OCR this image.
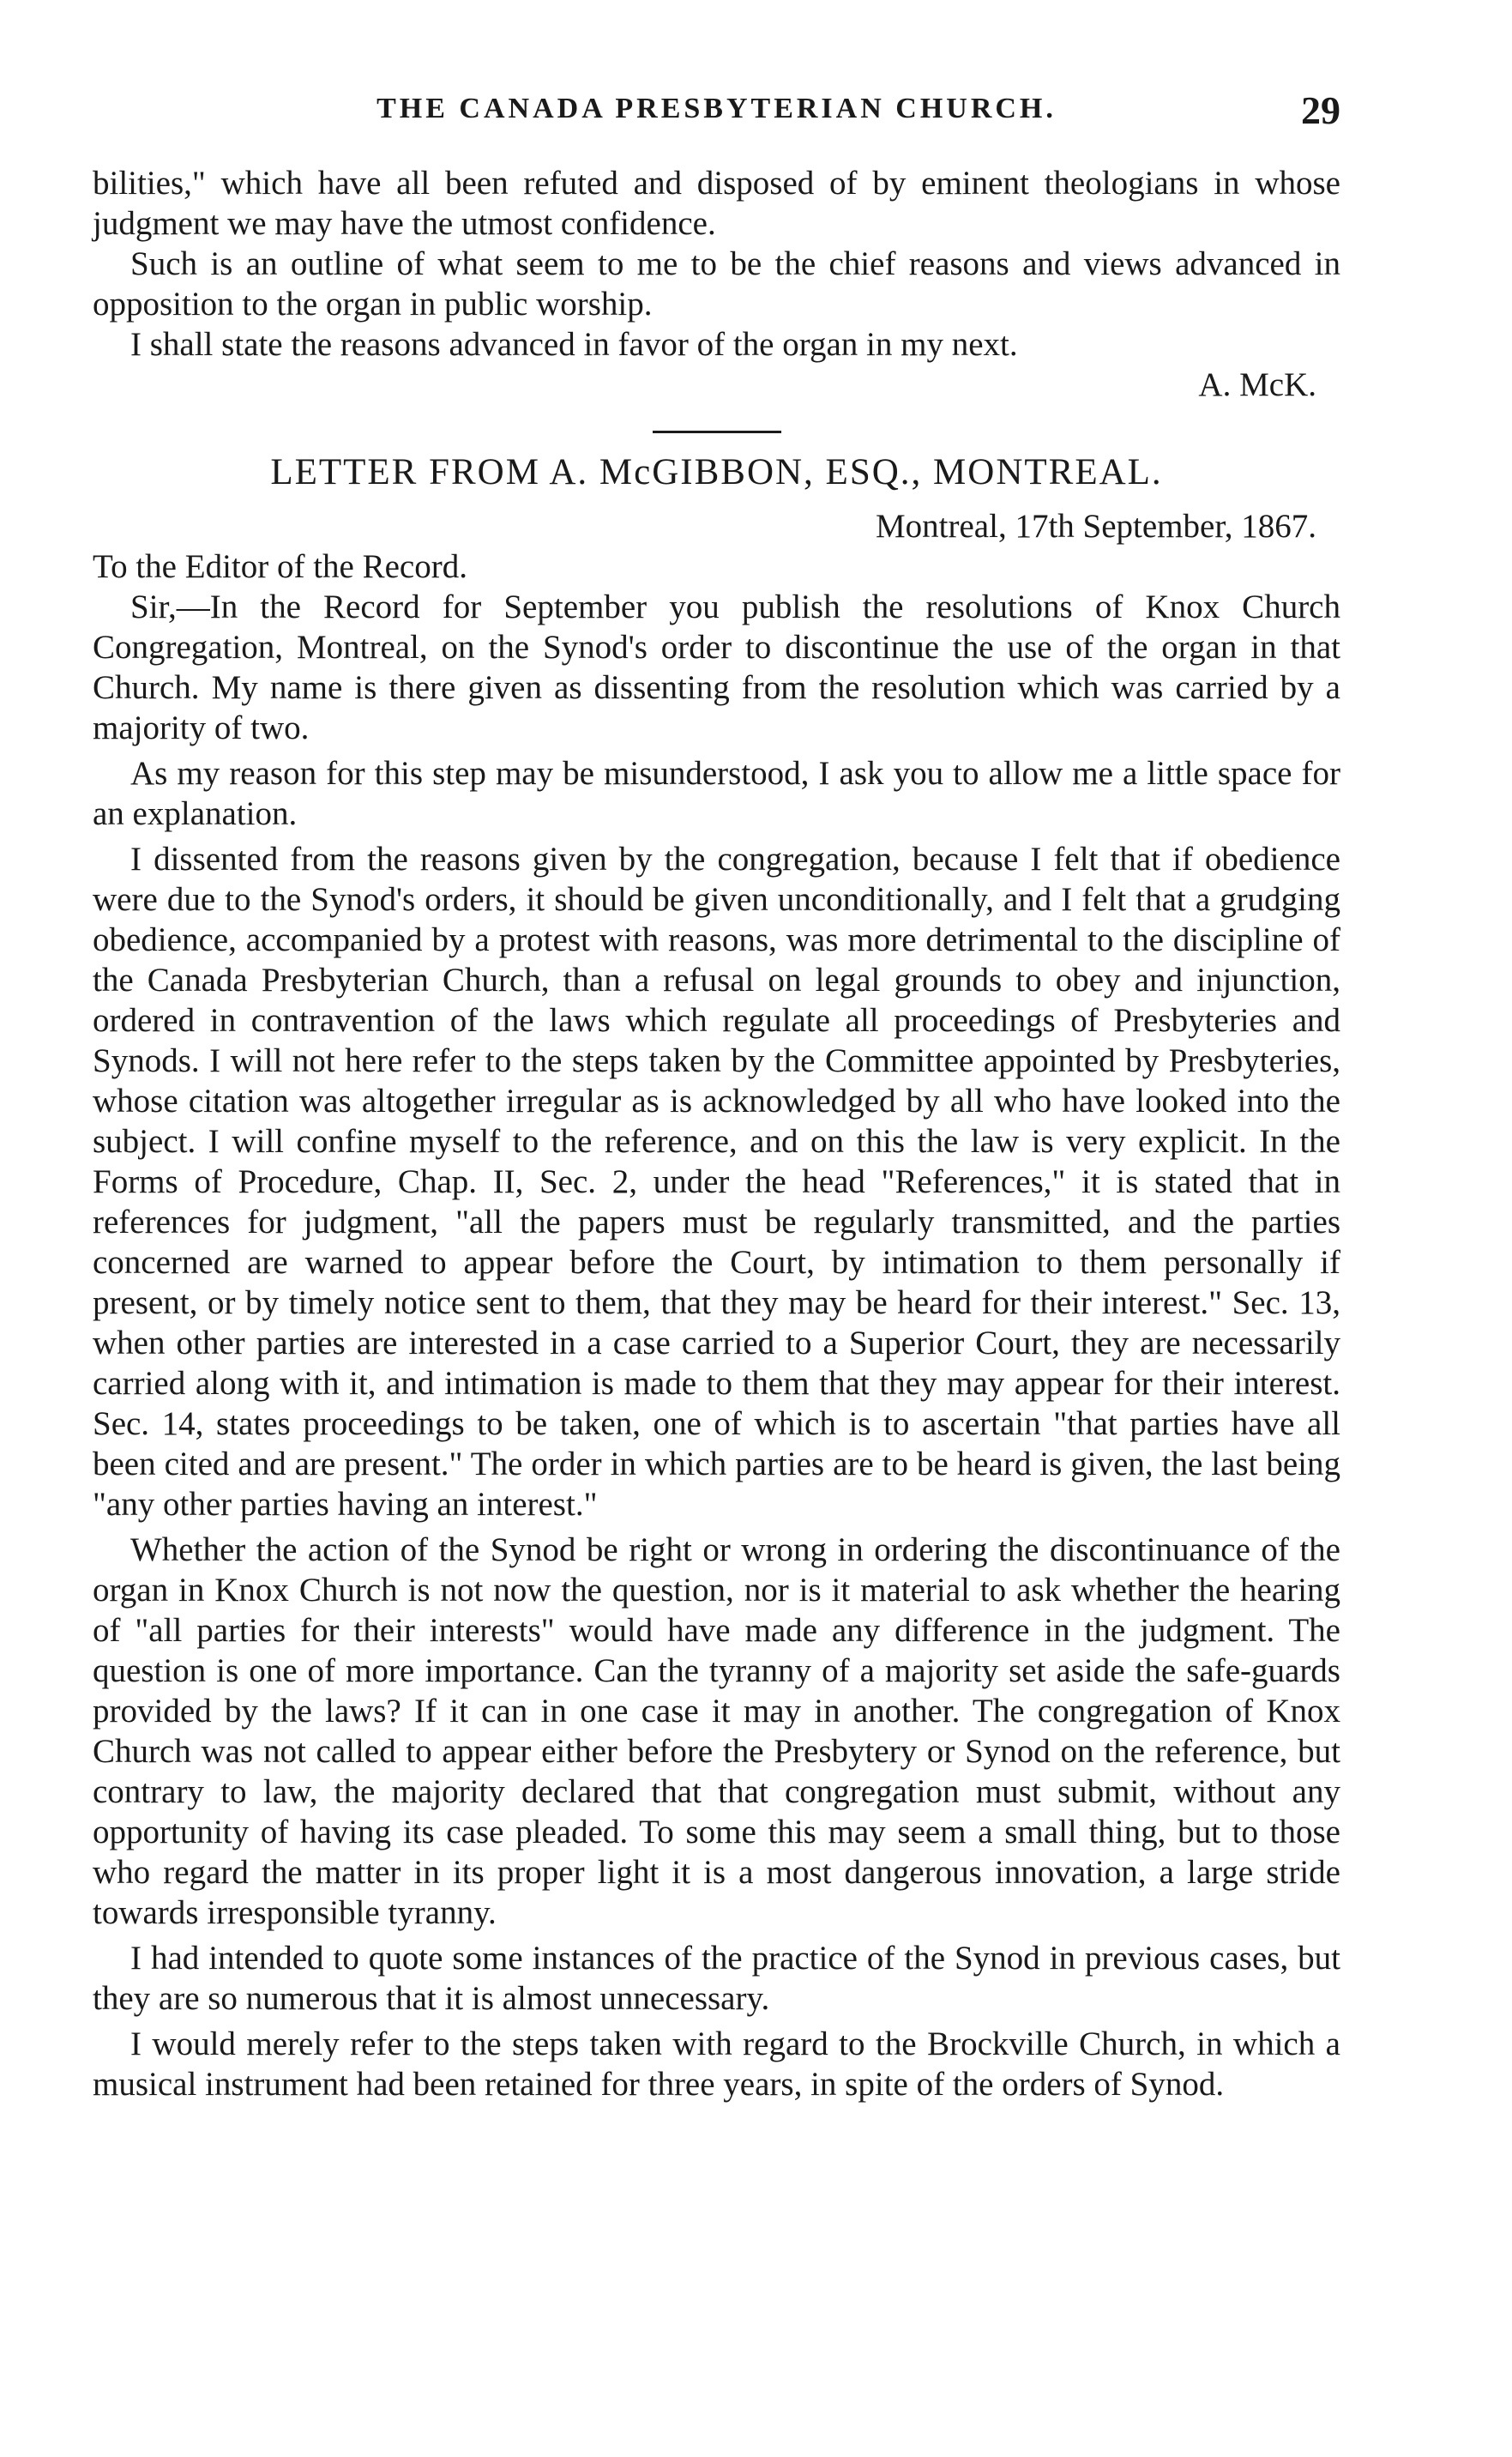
THE CANADA PRESBYTERIAN CHURCH.	29

bilities," which have all been refuted and disposed of by eminent theologians in whose judgment we may have the utmost confidence.

Such is an outline of what seem to me to be the chief reasons and views advanced in opposition to the organ in public worship.

I shall state the reasons advanced in favor of the organ in my next.

A. McK.

LETTER FROM A. McGIBBON, ESQ., MONTREAL.

Montreal, 17th September, 1867.

To the Editor of the Record.

Sir,—In the Record for September you publish the resolutions of Knox Church Congregation, Montreal, on the Synod's order to discontinue the use of the organ in that Church. My name is there given as dissenting from the resolution which was carried by a majority of two.

As my reason for this step may be misunderstood, I ask you to allow me a little space for an explanation.

I dissented from the reasons given by the congregation, because I felt that if obedience were due to the Synod's orders, it should be given unconditionally, and I felt that a grudging obedience, accompanied by a protest with reasons, was more detrimental to the discipline of the Canada Presbyterian Church, than a refusal on legal grounds to obey and injunction, ordered in contravention of the laws which regulate all proceedings of Presbyteries and Synods. I will not here refer to the steps taken by the Committee appointed by Presbyteries, whose citation was altogether irregular as is acknowledged by all who have looked into the subject. I will confine myself to the reference, and on this the law is very explicit. In the Forms of Procedure, Chap. II, Sec. 2, under the head "References," it is stated that in references for judgment, "all the papers must be regularly transmitted, and the parties concerned are warned to appear before the Court, by intimation to them personally if present, or by timely notice sent to them, that they may be heard for their interest." Sec. 13, when other parties are interested in a case carried to a Superior Court, they are necessarily carried along with it, and intimation is made to them that they may appear for their interest. Sec. 14, states proceedings to be taken, one of which is to ascertain "that parties have all been cited and are present." The order in which parties are to be heard is given, the last being "any other parties having an interest."

Whether the action of the Synod be right or wrong in ordering the discontinuance of the organ in Knox Church is not now the question, nor is it material to ask whether the hearing of "all parties for their interests" would have made any difference in the judgment. The question is one of more importance. Can the tyranny of a majority set aside the safe-guards provided by the laws? If it can in one case it may in another. The congregation of Knox Church was not called to appear either before the Presbytery or Synod on the reference, but contrary to law, the majority declared that that congregation must submit, without any opportunity of having its case pleaded. To some this may seem a small thing, but to those who regard the matter in its proper light it is a most dangerous innovation, a large stride towards irresponsible tyranny.

I had intended to quote some instances of the practice of the Synod in previous cases, but they are so numerous that it is almost unnecessary.

I would merely refer to the steps taken with regard to the Brockville Church, in which a musical instrument had been retained for three years, in spite of the orders of Synod.
